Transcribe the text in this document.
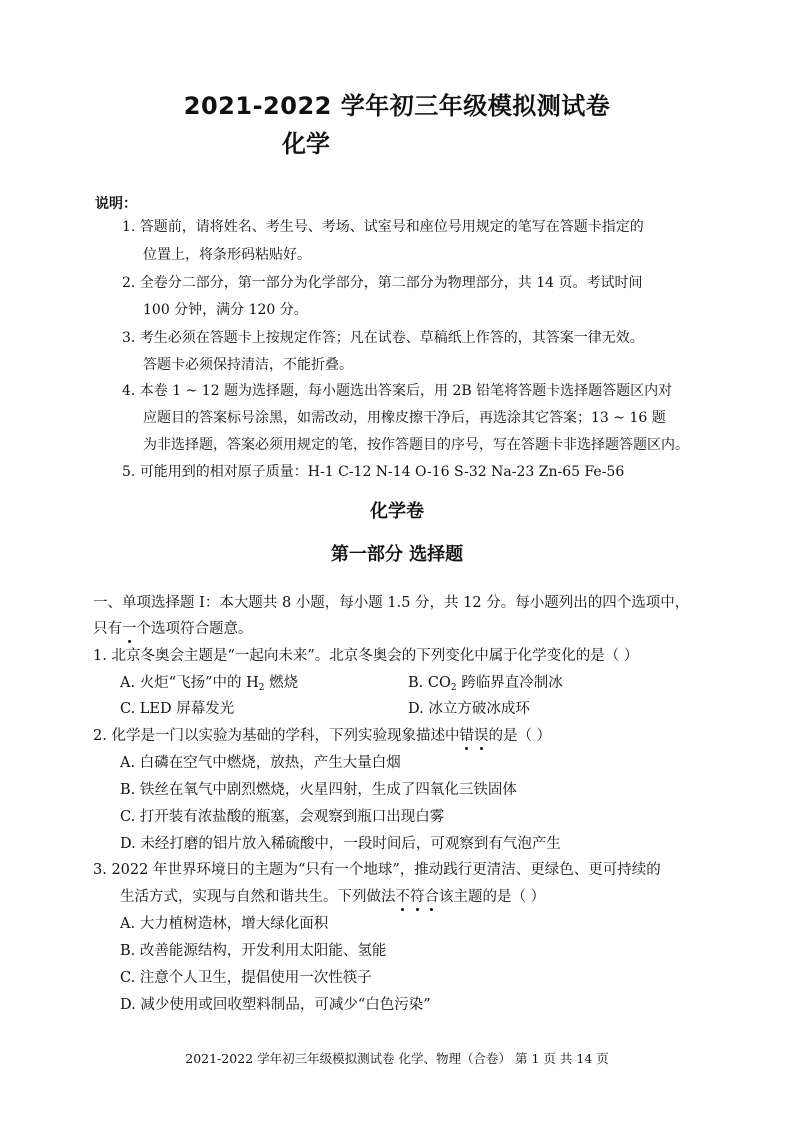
2021-2022 学年初三年级模拟测试卷
化学
说明：
1. 答题前，请将姓名、考生号、考场、试室号和座位号用规定的笔写在答题卡指定的
位置上，将条形码粘贴好。
2. 全卷分二部分，第一部分为化学部分，第二部分为物理部分，共 14 页。考试时间
100 分钟，满分 120 分。
3. 考生必须在答题卡上按规定作答；凡在试卷、草稿纸上作答的，其答案一律无效。
答题卡必须保持清洁，不能折叠。
4. 本卷 1 ~ 12 题为选择题，每小题选出答案后，用 2B 铅笔将答题卡选择题答题区内对
应题目的答案标号涂黑，如需改动，用橡皮擦干净后，再选涂其它答案；13 ~ 16 题
为非选择题，答案必须用规定的笔，按作答题目的序号，写在答题卡非选择题答题区内。
5. 可能用到的相对原子质量：H-1 C-12 N-14 O-16 S-32 Na-23 Zn-65 Fe-56
化学卷
第一部分 选择题
一、单项选择题 Ⅰ：本大题共 8 小题，每小题 1.5 分，共 12 分。每小题列出的四个选项中，
只有一个选项符合题意。
1. 北京冬奥会主题是“一起向未来”。北京冬奥会的下列变化中属于化学变化的是（ ）
A. 火炬“飞扬”中的 $H_2$ 燃烧	B. $CO_2$ 跨临界直冷制冰
C. LED 屏幕发光	D. 冰立方破冰成环
2. 化学是一门以实验为基础的学科，下列实验现象描述中错误的是（ ）
A. 白磷在空气中燃烧，放热，产生大量白烟
B. 铁丝在氧气中剧烈燃烧，火星四射，生成了四氧化三铁固体
C. 打开装有浓盐酸的瓶塞，会观察到瓶口出现白雾
D. 未经打磨的铝片放入稀硫酸中，一段时间后，可观察到有气泡产生
3. 2022 年世界环境日的主题为“只有一个地球”，推动践行更清洁、更绿色、更可持续的
生活方式，实现与自然和谐共生。下列做法不符合该主题的是（ ）
A. 大力植树造林，增大绿化面积
B. 改善能源结构，开发利用太阳能、氢能
C. 注意个人卫生，提倡使用一次性筷子
D. 减少使用或回收塑料制品，可减少“白色污染”
2021-2022 学年初三年级模拟测试卷 化学、物理（合卷） 第 1 页 共 14 页
